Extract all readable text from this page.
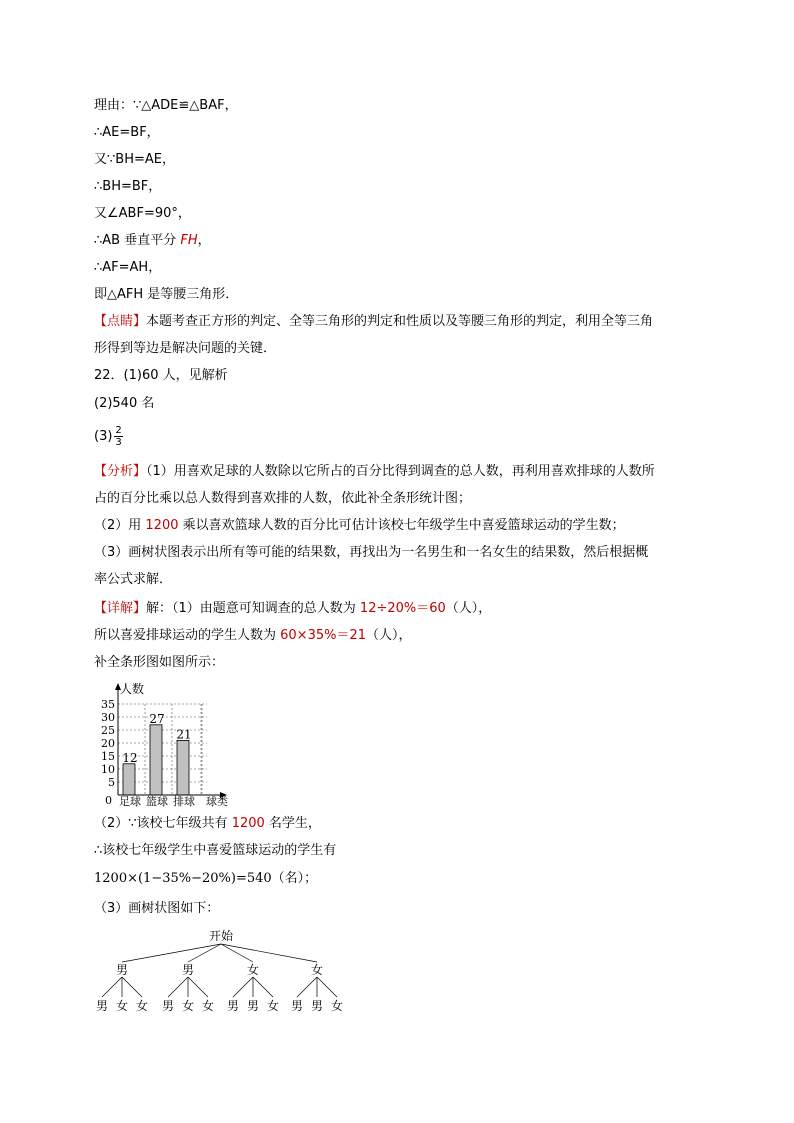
理由：∵△ADE≌△BAF，
∴AE=BF，
又∵BH=AE，
∴BH=BF，
又∠ABF=90°，
∴AB 垂直平分 FH，
∴AF=AH，
即△AFH 是等腰三角形．
【点睛】本题考查正方形的判定、全等三角形的判定和性质以及等腰三角形的判定，利用全等三角
形得到等边是解决问题的关键．
22．(1)60 人，见解析
(2)540 名
$(3) \frac{2}{3}$
【分析】（1）用喜欢足球的人数除以它所占的百分比得到调查的总人数，再利用喜欢排球的人数所
占的百分比乘以总人数得到喜欢排的人数，依此补全条形统计图；
（2）用 1200 乘以喜欢篮球人数的百分比可估计该校七年级学生中喜爱篮球运动的学生数；
（3）画树状图表示出所有等可能的结果数，再找出为一名男生和一名女生的结果数，然后根据概
率公式求解．
【详解】解：（1）由题意可知调查的总人数为 12÷20%＝60（人），
所以喜爱排球运动的学生人数为 60×35%＝21（人），
补全条形图如图所示：
5
10
15
20
25
30
35
12
足球
27
篮球
21
排球
人数
球类
0
（2）∵该校七年级共有 1200 名学生，
∴该校七年级学生中喜爱篮球运动的学生有
1200×(1−35%−20%)=540（名）；
（3）画树状图如下：
开始
男
男 女 女
男
男 女 女
女
男 男 女
女
男 男 女
